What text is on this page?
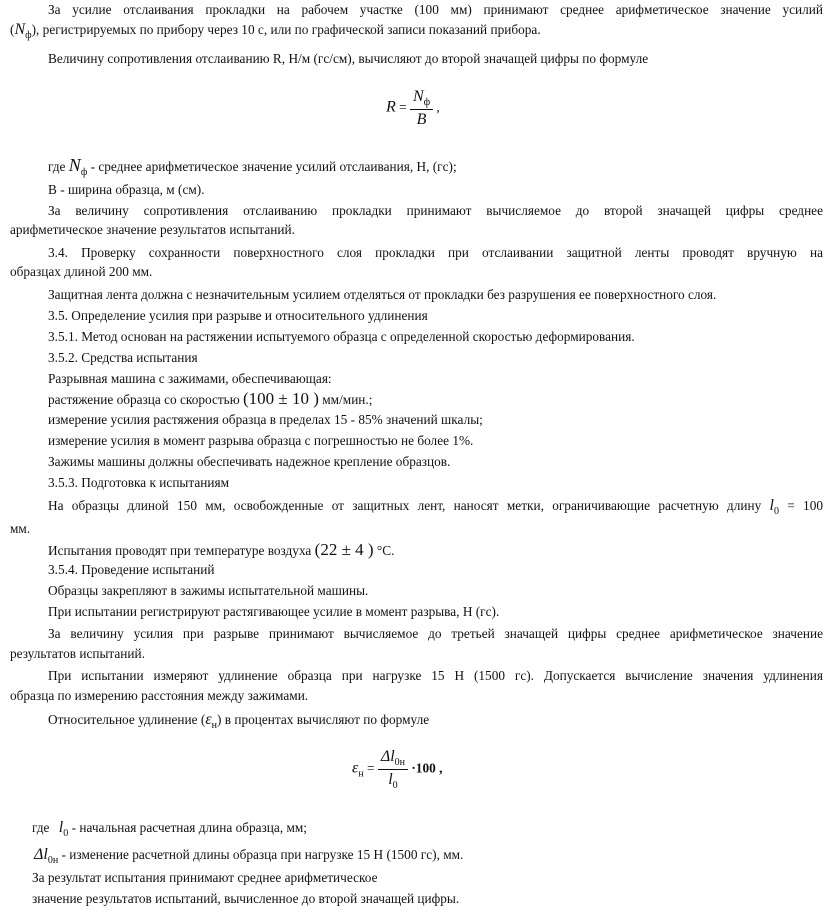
За усилие отслаивания прокладки на рабочем участке (100 мм) принимают среднее арифметическое значение усилий
$(N_ф)$, регистрируемых по прибору через 10 с, или по графической записи показаний прибора.
Величину сопротивления отслаиванию R, Н/м (гс/см), вычисляют до второй значащей цифры по формуле
$R = \frac{N_ф}{B}$ ,
где $N_ф$ - среднее арифметическое значение усилий отслаивания, Н, (гс);
B - ширина образца, м (см).
За величину сопротивления отслаиванию прокладки принимают вычисляемое до второй значащей цифры среднее
арифметическое значение результатов испытаний.
3.4. Проверку сохранности поверхностного слоя прокладки при отслаивании защитной ленты проводят вручную на
образцах длиной 200 мм.
Защитная лента должна с незначительным усилием отделяться от прокладки без разрушения ее поверхностного слоя.
3.5. Определение усилия при разрыве и относительного удлинения
3.5.1. Метод основан на растяжении испытуемого образца с определенной скоростью деформирования.
3.5.2. Средства испытания
Разрывная машина с зажимами, обеспечивающая:
растяжение образца со скоростью (100 ± 10 ) мм/мин.;
измерение усилия растяжения образца в пределах 15 - 85% значений шкалы;
измерение усилия в момент разрыва образца с погрешностью не более 1%.
Зажимы машины должны обеспечивать надежное крепление образцов.
3.5.3. Подготовка к испытаниям
На образцы длиной 150 мм, освобожденные от защитных лент, наносят метки, ограничивающие расчетную длину $l_0 = 100$
мм.
Испытания проводят при температуре воздуха (22 ± 4 ) °С.
3.5.4. Проведение испытаний
Образцы закрепляют в зажимы испытательной машины.
При испытании регистрируют растягивающее усилие в момент разрыва, Н (гс).
За величину усилия при разрыве принимают вычисляемое до третьей значащей цифры среднее арифметическое значение
результатов испытаний.
При испытании измеряют удлинение образца при нагрузке 15 Н (1500 гс). Допускается вычисление значения удлинения
образца по измерению расстояния между зажимами.
Относительное удлинение $(\varepsilon_н)$ в процентах вычисляют по формуле
$\varepsilon_н = \frac{\Delta l_{0н}}{l_0} \cdot 100$ ,
где $l_0$ - начальная расчетная длина образца, мм;
$\Delta l_{0н}$ - изменение расчетной длины образца при нагрузке 15 Н (1500 гс), мм.
За результат испытания принимают среднее арифметическое
значение результатов испытаний, вычисленное до второй значащей цифры.
